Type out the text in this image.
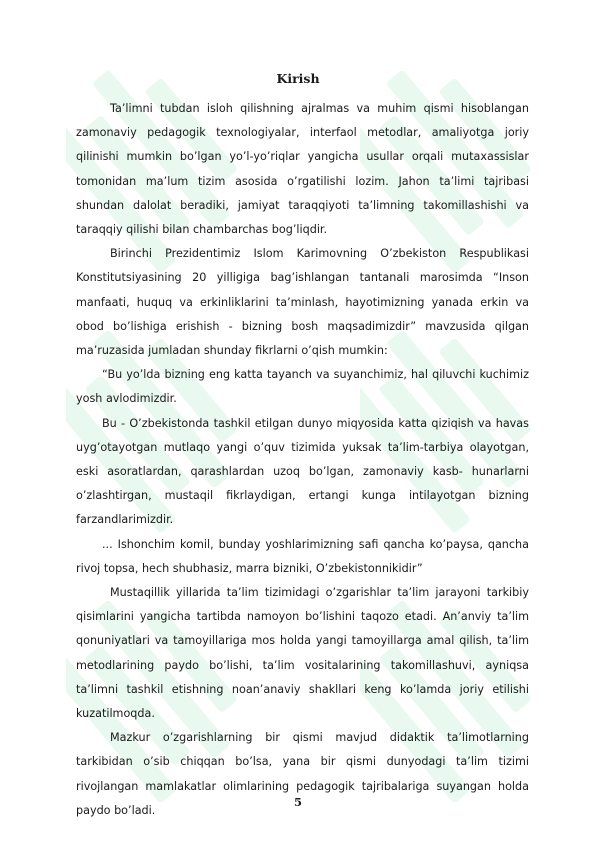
Kirish

Ta’limni tubdan isloh qilishning ajralmas va muhim qismi hisoblangan zamonaviy pedagogik texnologiyalar, interfaol metodlar, amaliyotga joriy qilinishi mumkin bo’lgan yo’l-yo’riqlar yangicha usullar orqali mutaxassislar tomonidan ma’lum tizim asosida o’rgatilishi lozim. Jahon ta’limi tajribasi shundan dalolat beradiki, jamiyat taraqqiyoti ta’limning takomillashishi va taraqqiy qilishi bilan chambarchas bog’liqdir.

Birinchi Prezidentimiz Islom Karimovning O’zbekiston Respublikasi Konstitutsiyasining 20 yilligiga bag’ishlangan tantanali marosimda “Inson manfaati, huquq va erkinliklarini ta’minlash, hayotimizning yanada erkin va obod bo’lishiga erishish - bizning bosh maqsadimizdir” mavzusida qilgan ma’ruzasida jumladan shunday fikrlarni o’qish mumkin:

“Bu yo’lda bizning eng katta tayanch va suyanchimiz, hal qiluvchi kuchimiz yosh avlodimizdir.

Bu - O’zbekistonda tashkil etilgan dunyo miqyosida katta qiziqish va havas uyg’otayotgan mutlaqo yangi o’quv tizimida yuksak ta’lim-tarbiya olayotgan, eski asoratlardan, qarashlardan uzoq bo’lgan, zamonaviy kasb- hunarlarni o’zlashtirgan, mustaqil fikrlaydigan, ertangi kunga intilayotgan bizning farzandlarimizdir.

... Ishonchim komil, bunday yoshlarimizning safi qancha ko’paysa, qancha rivoj topsa, hech shubhasiz, marra bizniki, O’zbekistonnikidir”

Mustaqillik yillarida ta’lim tizimidagi o’zgarishlar ta’lim jarayoni tarkibiy qisimlarini yangicha tartibda namoyon bo’lishini taqozo etadi. An’anviy ta’lim qonuniyatlari va tamoyillariga mos holda yangi tamoyillarga amal qilish, ta’lim metodlarining paydo bo’lishi, ta’lim vositalarining takomillashuvi, ayniqsa ta’limni tashkil etishning noan’anaviy shakllari keng ko’lamda joriy etilishi kuzatilmoqda.

Mazkur o’zgarishlarning bir qismi mavjud didaktik ta’limotlarning tarkibidan o’sib chiqqan bo’lsa, yana bir qismi dunyodagi ta’lim tizimi rivojlangan mamlakatlar olimlarining pedagogik tajribalariga suyangan holda paydo bo’ladi.

5
